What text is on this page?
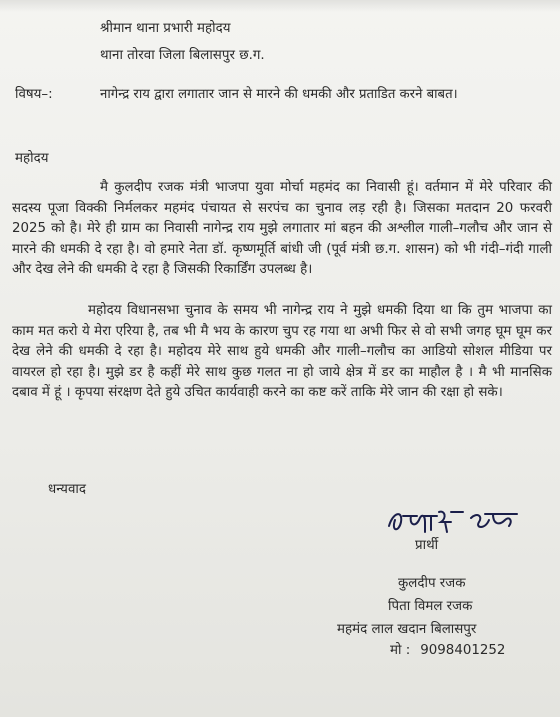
श्रीमान थाना प्रभारी महोदय
थाना तोरवा जिला बिलासपुर छ.ग.
विषय–:	नागेन्द्र राय द्वारा लगातार जान से मारने की धमकी और प्रताडित करने बाबत।
महोदय
मै कुलदीप रजक मंत्री भाजपा युवा मोर्चा महमंद का निवासी हूं। वर्तमान में मेरे परिवार की सदस्य पूजा विक्की निर्मलकर महमंद पंचायत से सरपंच का चुनाव लड़ रही है। जिसका मतदान 20 फरवरी 2025 को है। मेरे ही ग्राम का निवासी नागेन्द्र राय मुझे लगातार मां बहन की अश्लील गाली–गलौच और जान से मारने की धमकी दे रहा है। वो हमारे नेता डॉ. कृष्णमूर्ति बांधी जी (पूर्व मंत्री छ.ग. शासन) को भी गंदी–गंदी गाली और देख लेने की धमकी दे रहा है जिसकी रिकार्डिंग उपलब्ध है।
महोदय विधानसभा चुनाव के समय भी नागेन्द्र राय ने मुझे धमकी दिया था कि तुम भाजपा का काम मत करो ये मेरा एरिया है, तब भी मै भय के कारण चुप रह गया था अभी फिर से वो सभी जगह घूम घूम कर देख लेने की धमकी दे रहा है। महोदय मेरे साथ हुये धमकी और गाली–गलौच का आडियो सोशल मीडिया पर वायरल हो रहा है। मुझे डर है कहीं मेरे साथ कुछ गलत ना हो जाये क्षेत्र में डर का माहौल है । मै भी मानसिक दबाव में हूं । कृपया संरक्षण देते हुये उचित कार्यवाही करने का कष्ट करें ताकि मेरे जान की रक्षा हो सके।
धन्यवाद
प्रार्थी
कुलदीप रजक
पिता विमल रजक
महमंद लाल खदान बिलासपुर
मो : 9098401252
